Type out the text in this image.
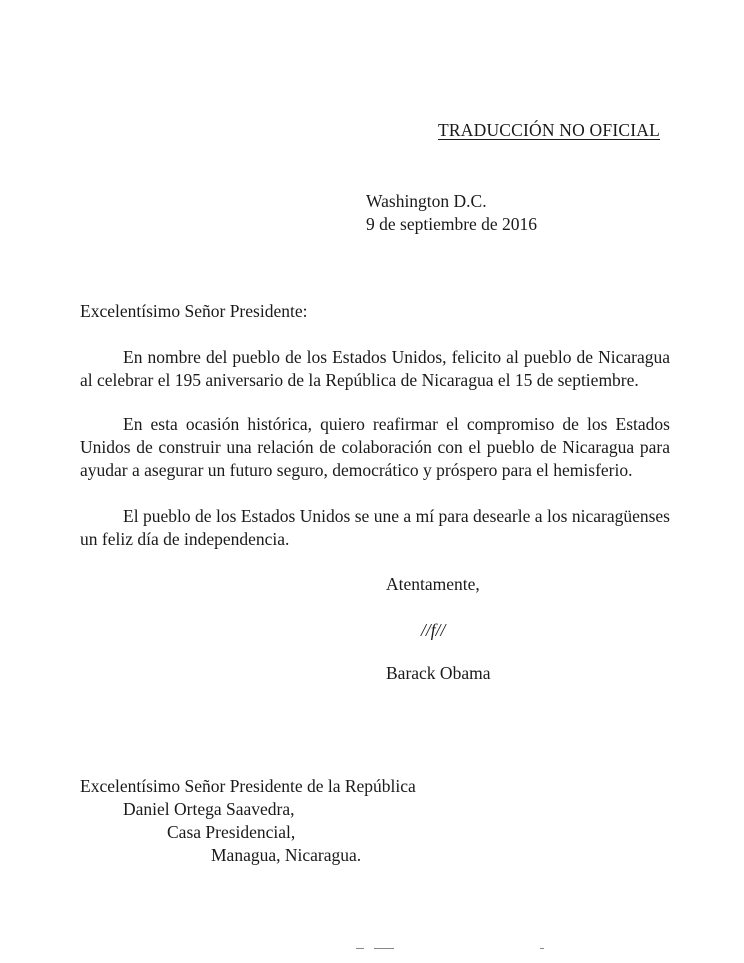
TRADUCCIÓN NO OFICIAL

Washington D.C.

9 de septiembre de 2016

Excelentísimo Señor Presidente:

En nombre del pueblo de los Estados Unidos, felicito al pueblo de Nicaragua al celebrar el 195 aniversario de la República de Nicaragua el 15 de septiembre.

En esta ocasión histórica, quiero reafirmar el compromiso de los Estados Unidos de construir una relación de colaboración con el pueblo de Nicaragua para ayudar a asegurar un futuro seguro, democrático y próspero para el hemisferio.

El pueblo de los Estados Unidos se une a mí para desearle a los nicaragüenses un feliz día de independencia.

Atentamente,

//f//

Barack Obama

Excelentísimo Señor Presidente de la República

Daniel Ortega Saavedra,

Casa Presidencial,

Managua, Nicaragua.
